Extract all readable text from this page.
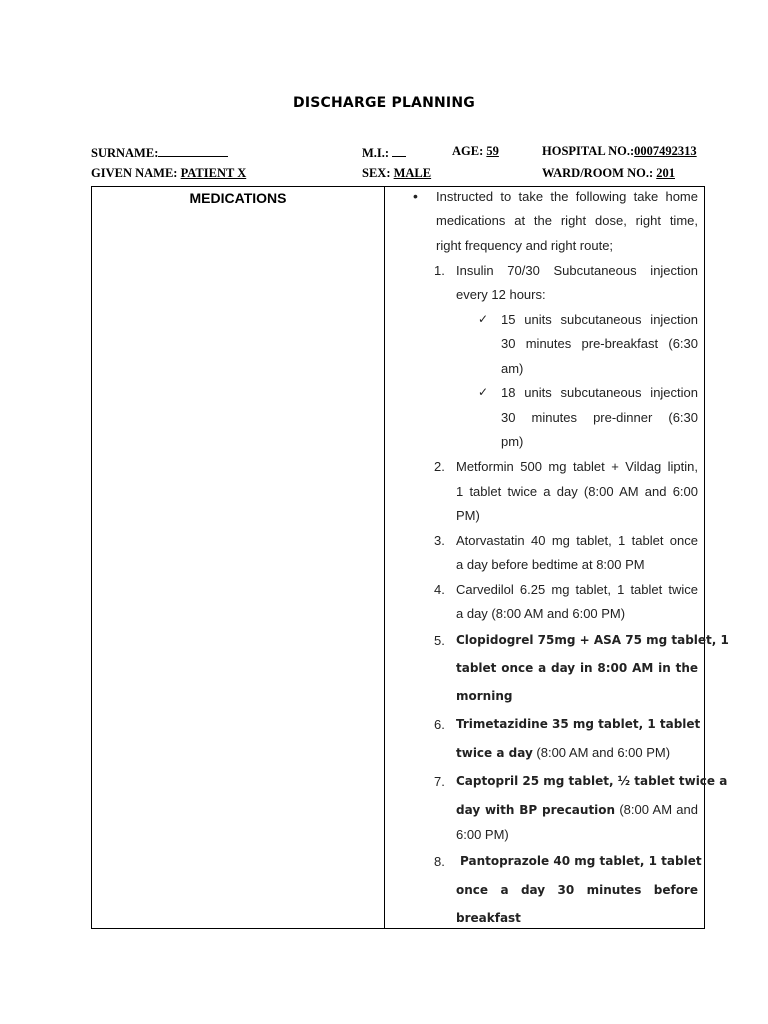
DISCHARGE PLANNING
SURNAME:	M.I.:	AGE: 59	HOSPITAL NO.:0007492313
GIVEN NAME: PATIENT X	SEX: MALE	WARD/ROOM NO.: 201
MEDICATIONS	• Instructed to take the following take home
medications at the right dose, right time,
right frequency and right route;
1. Insulin 70/30 Subcutaneous injection
every 12 hours:
✓ 15 units subcutaneous injection
30 minutes pre-breakfast (6:30
am)
✓ 18 units subcutaneous injection
30 minutes pre-dinner (6:30
pm)
2. Metformin 500 mg tablet + Vildag liptin,
1 tablet twice a day (8:00 AM and 6:00
PM)
3. Atorvastatin 40 mg tablet, 1 tablet once
a day before bedtime at 8:00 PM
4. Carvedilol 6.25 mg tablet, 1 tablet twice
a day (8:00 AM and 6:00 PM)
5. Clopidogrel 75mg + ASA 75 mg tablet, 1
tablet once a day in 8:00 AM in the
morning
6. Trimetazidine 35 mg tablet, 1 tablet
twice a day (8:00 AM and 6:00 PM)
7. Captopril 25 mg tablet, ½ tablet twice a
day with BP precaution (8:00 AM and
6:00 PM)
8. Pantoprazole 40 mg tablet, 1 tablet
once a day 30 minutes before
breakfast
